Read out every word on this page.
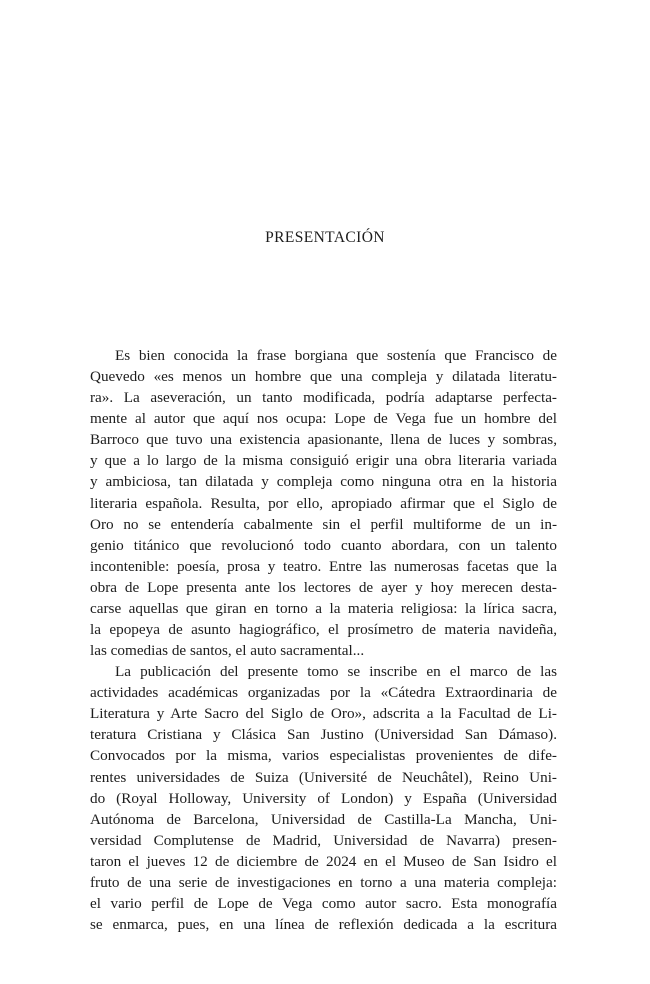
PRESENTACIÓN
Es bien conocida la frase borgiana que sostenía que Francisco de
Quevedo «es menos un hombre que una compleja y dilatada literatu-
ra». La aseveración, un tanto modificada, podría adaptarse perfecta-
mente al autor que aquí nos ocupa: Lope de Vega fue un hombre del
Barroco que tuvo una existencia apasionante, llena de luces y sombras,
y que a lo largo de la misma consiguió erigir una obra literaria variada
y ambiciosa, tan dilatada y compleja como ninguna otra en la historia
literaria española. Resulta, por ello, apropiado afirmar que el Siglo de
Oro no se entendería cabalmente sin el perfil multiforme de un in-
genio titánico que revolucionó todo cuanto abordara, con un talento
incontenible: poesía, prosa y teatro. Entre las numerosas facetas que la
obra de Lope presenta ante los lectores de ayer y hoy merecen desta-
carse aquellas que giran en torno a la materia religiosa: la lírica sacra,
la epopeya de asunto hagiográfico, el prosímetro de materia navideña,
las comedias de santos, el auto sacramental...
La publicación del presente tomo se inscribe en el marco de las
actividades académicas organizadas por la «Cátedra Extraordinaria de
Literatura y Arte Sacro del Siglo de Oro», adscrita a la Facultad de Li-
teratura Cristiana y Clásica San Justino (Universidad San Dámaso).
Convocados por la misma, varios especialistas provenientes de dife-
rentes universidades de Suiza (Université de Neuchâtel), Reino Uni-
do (Royal Holloway, University of London) y España (Universidad
Autónoma de Barcelona, Universidad de Castilla-La Mancha, Uni-
versidad Complutense de Madrid, Universidad de Navarra) presen-
taron el jueves 12 de diciembre de 2024 en el Museo de San Isidro el
fruto de una serie de investigaciones en torno a una materia compleja:
el vario perfil de Lope de Vega como autor sacro. Esta monografía
se enmarca, pues, en una línea de reflexión dedicada a la escritura
